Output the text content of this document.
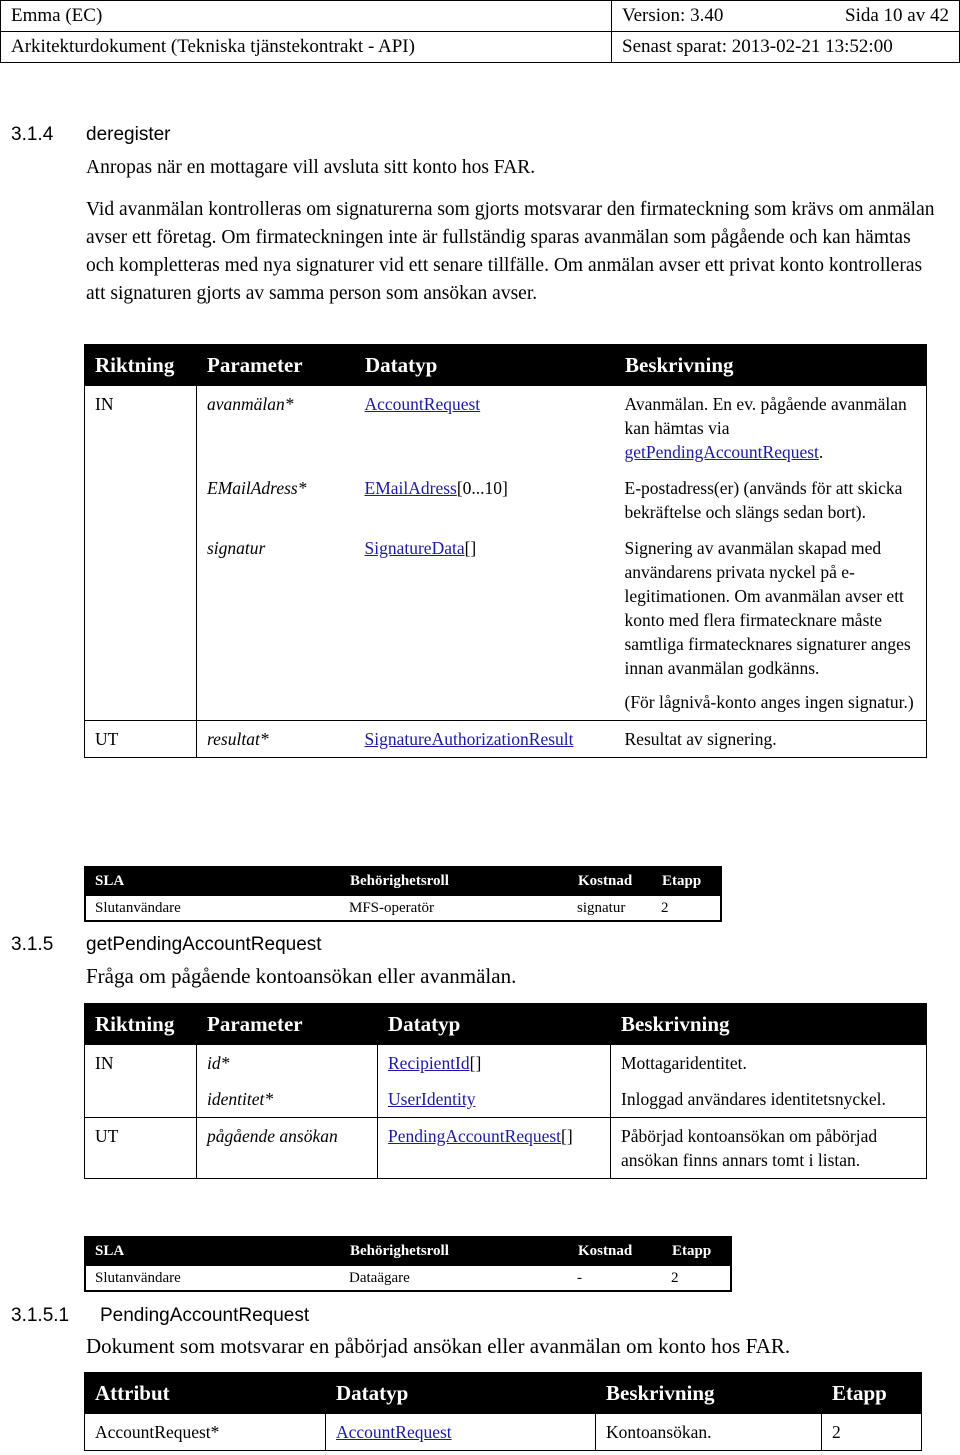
Emma (EC)	Version: 3.40	Sida 10 av 42
Arkitekturdokument (Tekniska tjänstekontrakt - API)	Senast sparat: 2013-02-21 13:52:00	
3.1.4 deregister

Anropas när en mottagare vill avsluta sitt konto hos FAR.

Vid avanmälan kontrolleras om signaturerna som gjorts motsvarar den firmateckning som krävs om anmälan avser ett företag. Om firmateckningen inte är fullständig sparas avanmälan som pågående och kan hämtas och kompletteras med nya signaturer vid ett senare tillfälle. Om anmälan avser ett privat konto kontrolleras att signaturen gjorts av samma person som ansökan avser.

Riktning	Parameter	Datatyp	Beskrivning
IN	avanmälan*	AccountRequest	Avanmälan. En ev. pågående avanmälan kan hämtas via getPendingAccountRequest.
	EMailAdress*	EMailAdress[0...10]	E-postadress(er) (används för att skicka bekräftelse och slängs sedan bort).
	signatur	SignatureData[]	Signering av avanmälan skapad med användarens privata nyckel på e-legitimationen. Om avanmälan avser ett konto med flera firmatecknare måste samtliga firmatecknares signaturer anges innan avanmälan godkänns.
(För lågnivå-konto anges ingen signatur.)

UT	resultat*	SignatureAuthorizationResult	Resultat av signering.
SLA	Behörighetsroll	Kostnad	Etapp
Slutanvändare	MFS-operatör	signatur	2
3.1.5 getPendingAccountRequest

Fråga om pågående kontoansökan eller avanmälan.

Riktning	Parameter	Datatyp	Beskrivning
IN	id*	RecipientId[]	Mottagaridentitet.
	identitet*	UserIdentity	Inloggad användares identitetsnyckel.
UT	pågående ansökan	PendingAccountRequest[]	Påbörjad kontoansökan om påbörjad ansökan finns annars tomt i listan.
SLA	Behörighetsroll	Kostnad	Etapp
Slutanvändare	Dataägare	-	2
3.1.5.1 PendingAccountRequest

Dokument som motsvarar en påbörjad ansökan eller avanmälan om konto hos FAR.

Attribut	Datatyp	Beskrivning	Etapp
AccountRequest*	AccountRequest	Kontoansökan.	2
